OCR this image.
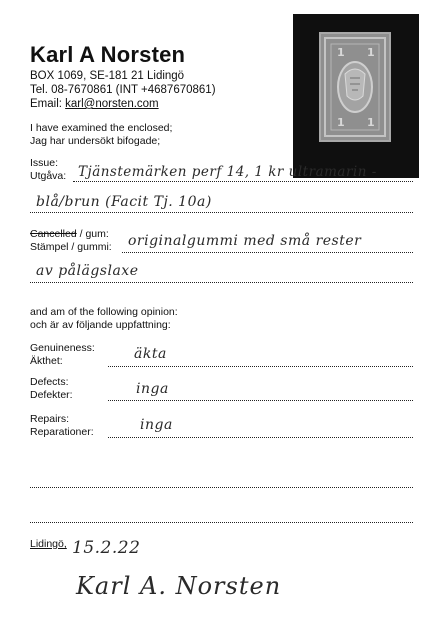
1 1
1 1
Karl A Norsten
BOX 1069, SE-181 21 Lidingö
Tel. 08-7670861 (INT +4687670861)
Email: karl@norsten.com
I have examined the enclosed;
Jag har undersökt bifogade;
Issue:
Utgåva: Tjänstemärken perf 14, 1 kr ultramarin -
blå/brun (Facit Tj. 10a)
Cancelled / gum:
Stämpel / gummi: originalgummi med små rester
av pålägslaxe
and am of the following opinion:
och är av följande uppfattning:
Genuineness:
Äkthet:	äkta
Defects:
Defekter:	inga
Repairs:
Reparationer:	inga
Lidingö, 15.2.22
Karl A. Norsten
